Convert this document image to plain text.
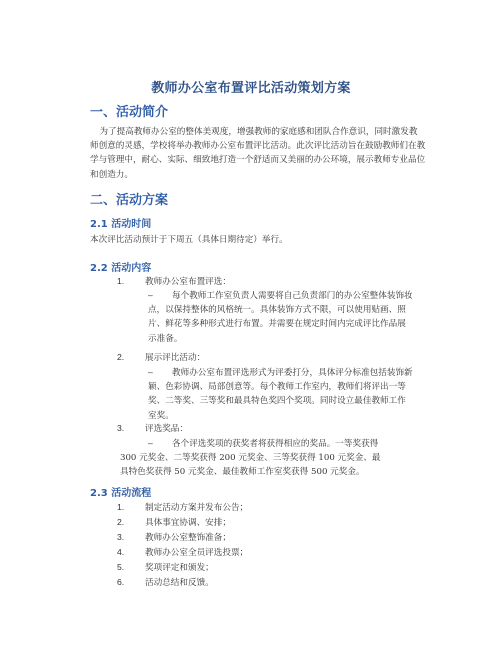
教师办公室布置评比活动策划方案
一、活动简介
为了提高教师办公室的整体美观度，增强教师的家庭感和团队合作意识，同时激发教师创意的灵感，学校将举办教师办公室布置评比活动。此次评比活动旨在鼓励教师们在教学与管理中，耐心、实际、细致地打造一个舒适而又美丽的办公环境，展示教师专业品位和创造力。
二、活动方案
2.1 活动时间
本次评比活动预计于下周五（具体日期待定）举行。
2.2 活动内容
1. 教师办公室布置评选：
– 每个教师工作室负责人需要将自己负责部门的办公室整体装饰妆点，以保持整体的风格统一。具体装饰方式不限，可以使用贴画、照片、鲜花等多种形式进行布置。并需要在规定时间内完成评比作品展示准备。
2. 展示评比活动：
– 教师办公室布置评选形式为评委打分，具体评分标准包括装饰新颖、色彩协调、局部创意等。每个教师工作室内，教师们将评出一等奖、二等奖、三等奖和最具特色奖四个奖项。同时设立最佳教师工作室奖。
3. 评选奖品：
– 各个评选奖项的获奖者将获得相应的奖品。一等奖获得 300 元奖金、二等奖获得 200 元奖金、三等奖获得 100 元奖金、最具特色奖获得 50 元奖金、最佳教师工作室奖获得 500 元奖金。
2.3 活动流程
1. 制定活动方案并发布公告；
2. 具体事宜协调、安排；
3. 教师办公室整饰准备；
4. 教师办公室全员评选投票；
5. 奖项评定和颁发；
6. 活动总结和反馈。
